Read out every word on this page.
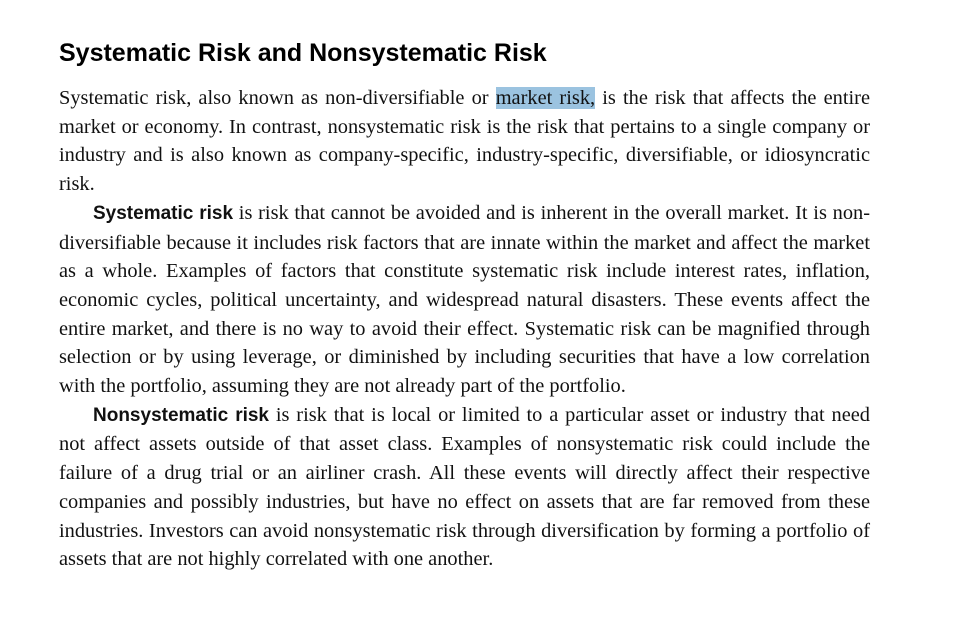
Systematic Risk and Nonsystematic Risk

Systematic risk, also known as non-diversifiable or market risk, is the risk that affects the entire market or economy. In contrast, nonsystematic risk is the risk that pertains to a single company or industry and is also known as company-specific, industry-specific, diversifiable, or idiosyncratic risk.

Systematic risk is risk that cannot be avoided and is inherent in the overall market. It is non-diversifiable because it includes risk factors that are innate within the market and affect the market as a whole. Examples of factors that constitute systematic risk include interest rates, inflation, economic cycles, political uncertainty, and widespread natural disasters. These events affect the entire market, and there is no way to avoid their effect. Systematic risk can be magnified through selection or by using leverage, or diminished by including securities that have a low correlation with the portfolio, assuming they are not already part of the portfolio.

Nonsystematic risk is risk that is local or limited to a particular asset or industry that need not affect assets outside of that asset class. Examples of nonsystematic risk could include the failure of a drug trial or an airliner crash. All these events will directly affect their respective companies and possibly industries, but have no effect on assets that are far removed from these industries. Investors can avoid nonsystematic risk through diversification by forming a portfolio of assets that are not highly correlated with one another.
